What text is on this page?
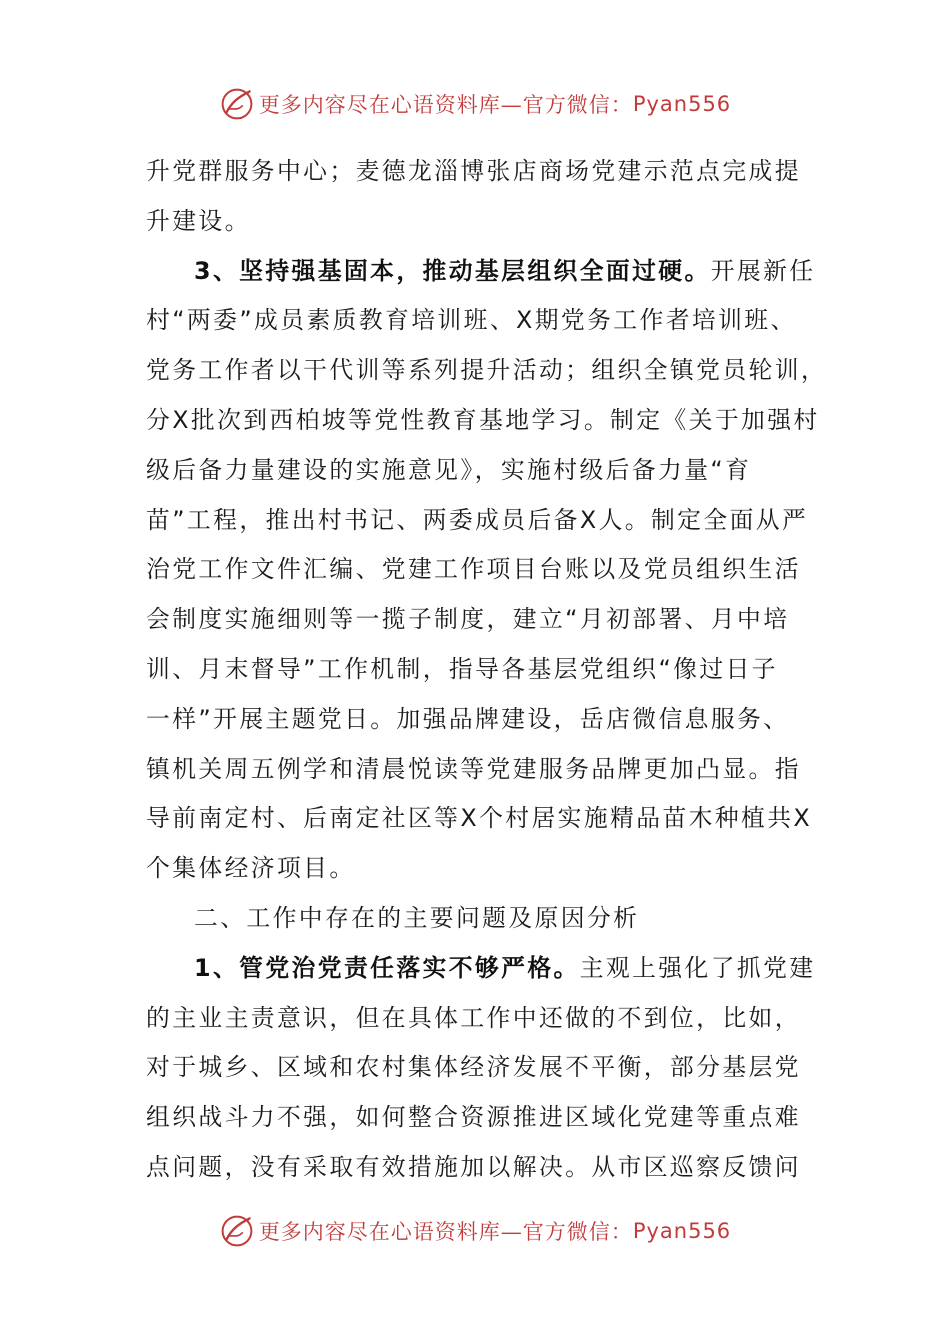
更多内容尽在心语资料库—官方微信： Pyan556

升党群服务中心；麦德龙淄博张店商场党建示范点完成提
升建设。

3、坚持强基固本，推动基层组织全面过硬。开展新任
村“两委”成员素质教育培训班、X期党务工作者培训班、
党务工作者以干代训等系列提升活动；组织全镇党员轮训，
分X批次到西柏坡等党性教育基地学习。制定《关于加强村
级后备力量建设的实施意见》，实施村级后备力量“育
苗”工程，推出村书记、两委成员后备X人。制定全面从严
治党工作文件汇编、党建工作项目台账以及党员组织生活
会制度实施细则等一揽子制度，建立“月初部署、月中培
训、月末督导”工作机制，指导各基层党组织“像过日子
一样”开展主题党日。加强品牌建设，岳店微信息服务、
镇机关周五例学和清晨悦读等党建服务品牌更加凸显。指
导前南定村、后南定社区等X个村居实施精品苗木种植共X
个集体经济项目。

二、工作中存在的主要问题及原因分析

1、管党治党责任落实不够严格。主观上强化了抓党建
的主业主责意识，但在具体工作中还做的不到位，比如，
对于城乡、区域和农村集体经济发展不平衡，部分基层党
组织战斗力不强，如何整合资源推进区域化党建等重点难
点问题，没有采取有效措施加以解决。从市区巡察反馈问

更多内容尽在心语资料库—官方微信： Pyan556
